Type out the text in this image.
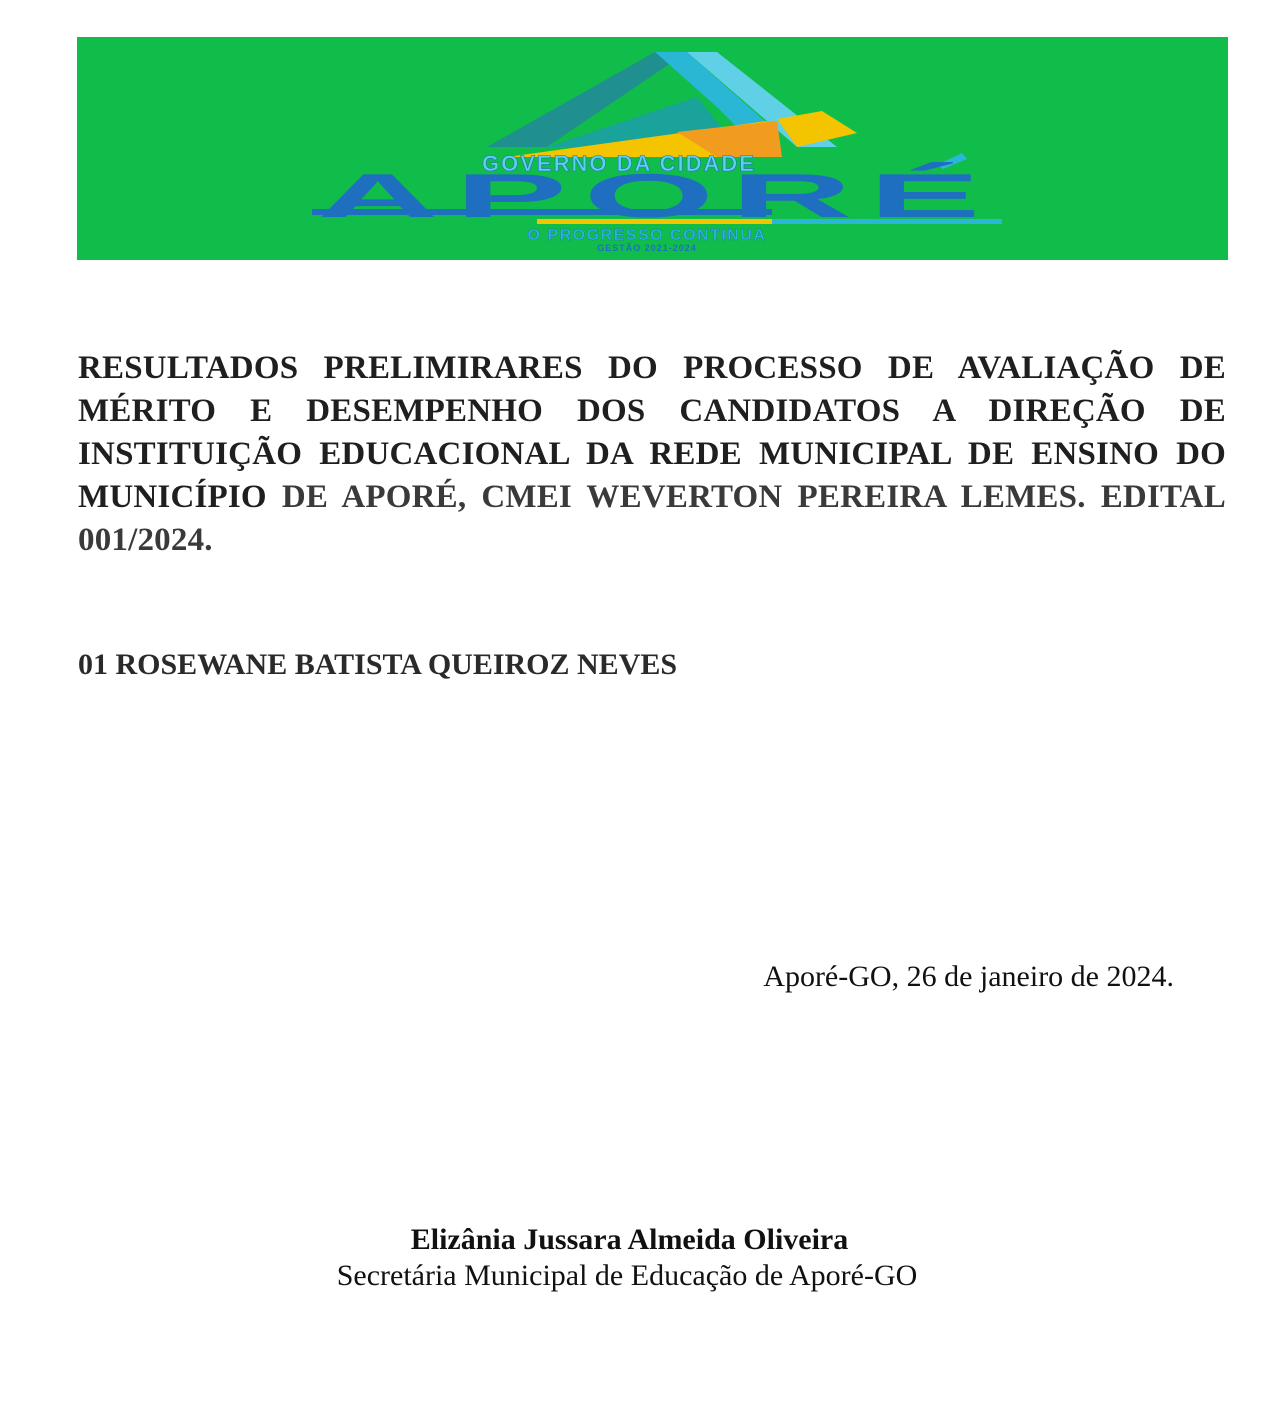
GOVERNO DA CIDADE
APORÉ
O PROGRESSO CONTINUA
GESTÃO 2021-2024
RESULTADOS PRELIMIRARES DO PROCESSO DE AVALIAÇÃO DE MÉRITO E DESEMPENHO DOS CANDIDATOS A DIREÇÃO DE INSTITUIÇÃO EDUCACIONAL DA REDE MUNICIPAL DE ENSINO DO MUNICÍPIO DE APORÉ, CMEI WEVERTON PEREIRA LEMES. EDITAL 001/2024.
01 ROSEWANE BATISTA QUEIROZ NEVES
Aporé-GO, 26 de janeiro de 2024.
Elizânia Jussara Almeida Oliveira
Secretária Municipal de Educação de Aporé-GO
